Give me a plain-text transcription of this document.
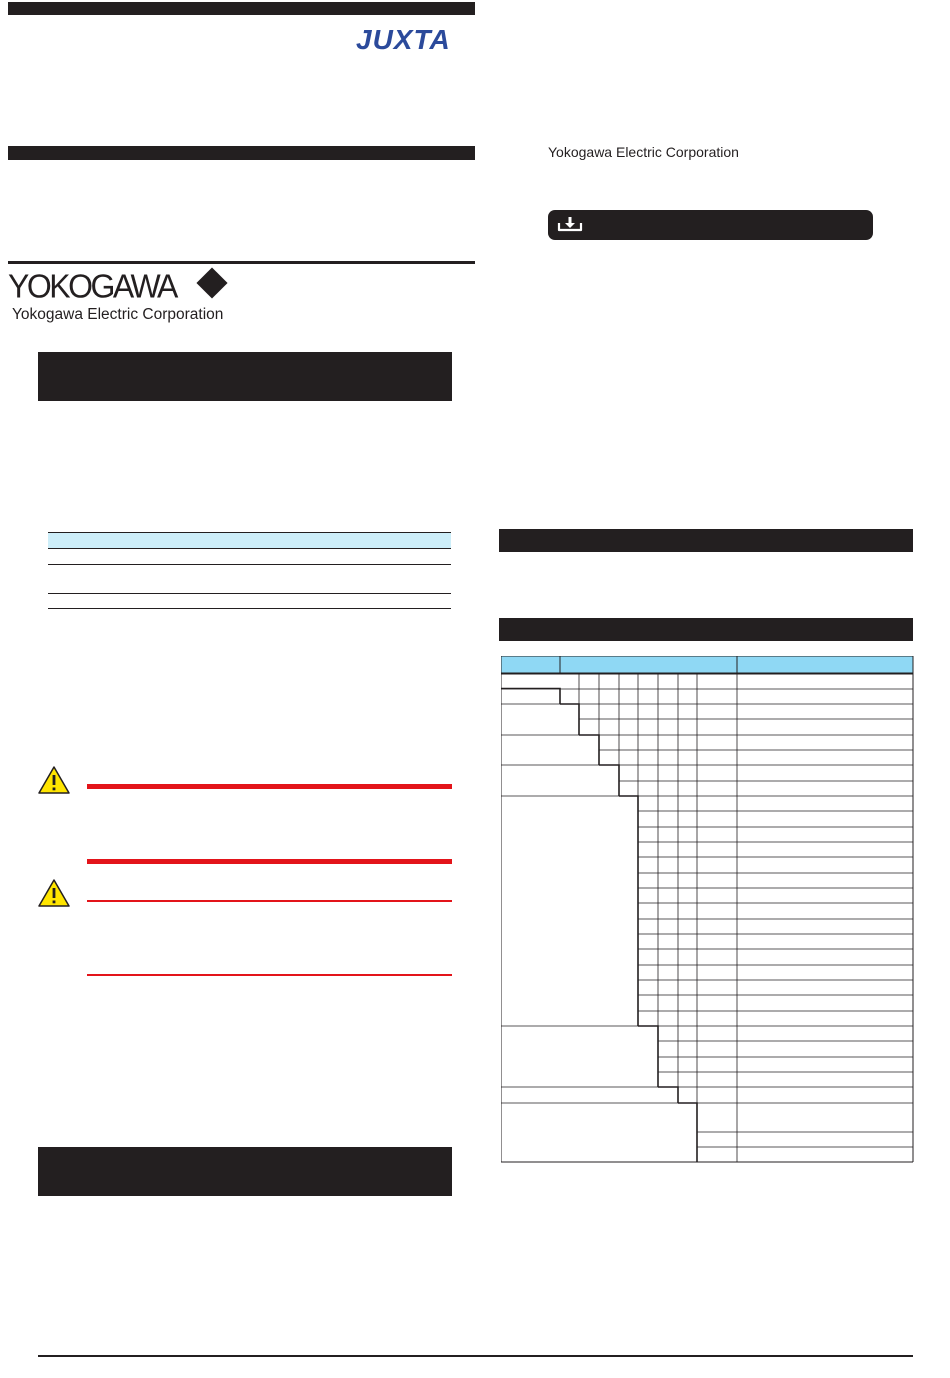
JUXTA
YOKOGAWA
Yokogawa Electric Corporation
Yokogawa Electric Corporation
